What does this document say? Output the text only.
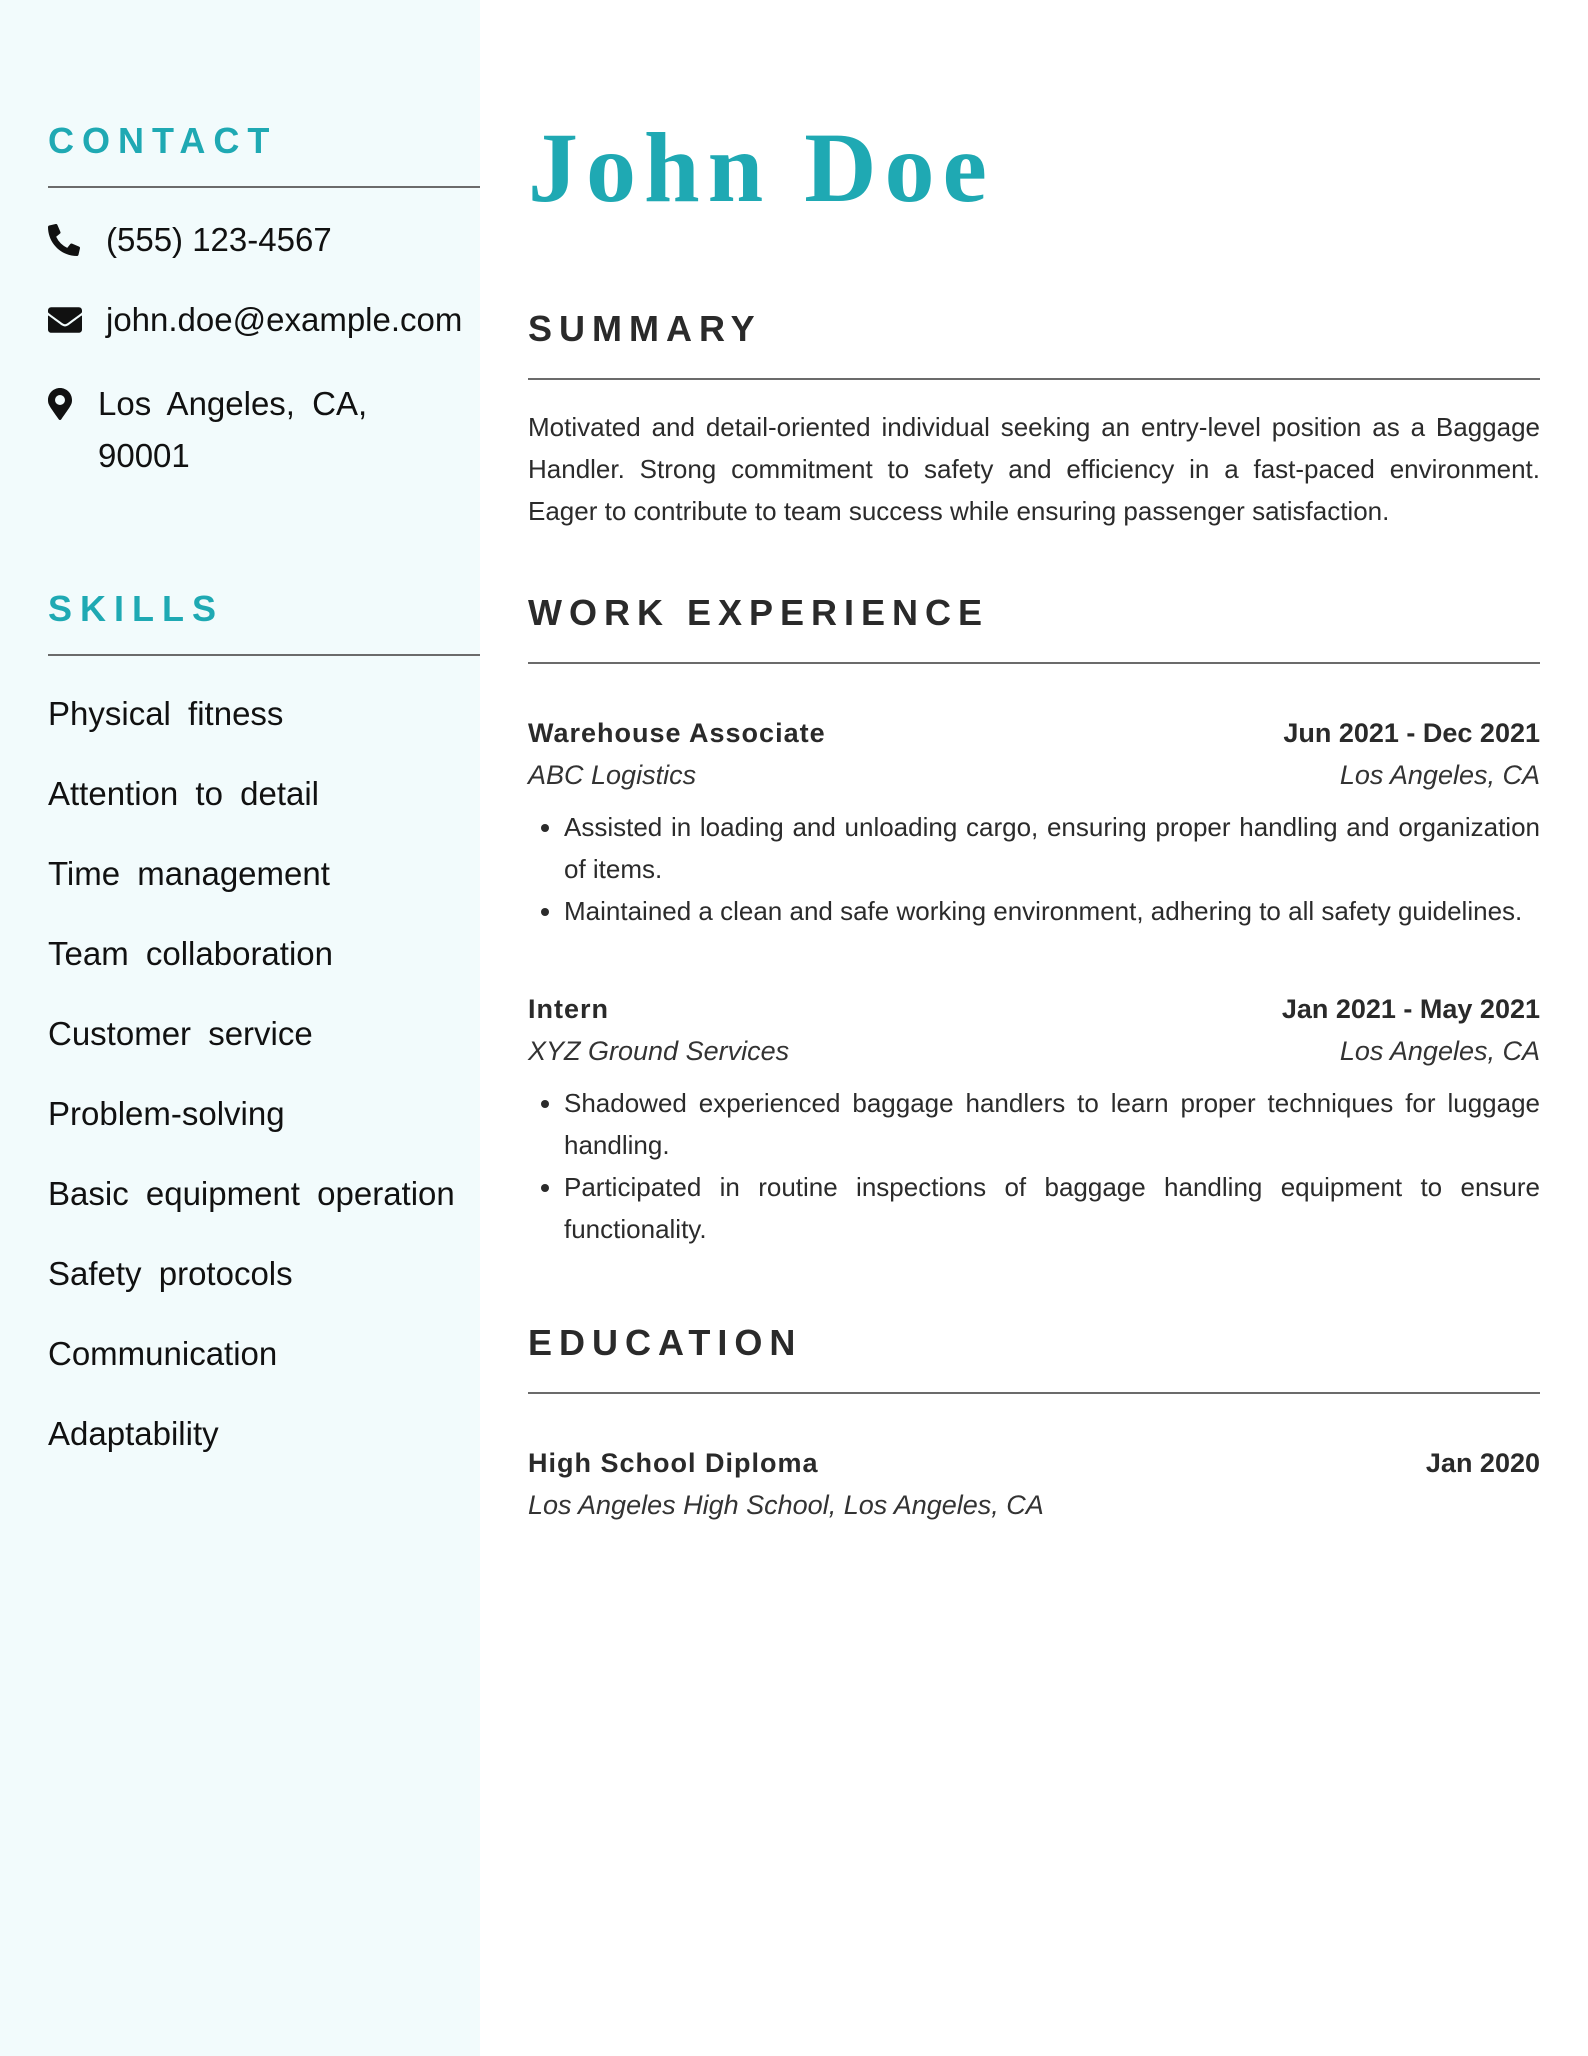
CONTACT
(555) 123-4567
john.doe@example.com
Los Angeles, CA, 90001
SKILLS
Physical fitness
Attention to detail
Time management
Team collaboration
Customer service
Problem-solving
Basic equipment operation
Safety protocols
Communication
Adaptability
John Doe
SUMMARY

Motivated and detail-oriented individual seeking an entry-level position as a Baggage Handler. Strong commitment to safety and efficiency in a fast-paced environment. Eager to contribute to team success while ensuring passenger satisfaction.

WORK EXPERIENCE
Warehouse Associate	Jun 2021 - Dec 2021
ABC Logistics	Los Angeles, CA
• Assisted in loading and unloading cargo, ensuring proper handling and organization of items.
• Maintained a clean and safe working environment, adhering to all safety guidelines.
Intern	Jan 2021 - May 2021
XYZ Ground Services	Los Angeles, CA
• Shadowed experienced baggage handlers to learn proper techniques for luggage handling.
• Participated in routine inspections of baggage handling equipment to ensure functionality.
EDUCATION
High School Diploma	Jan 2020
Los Angeles High School, Los Angeles, CA
